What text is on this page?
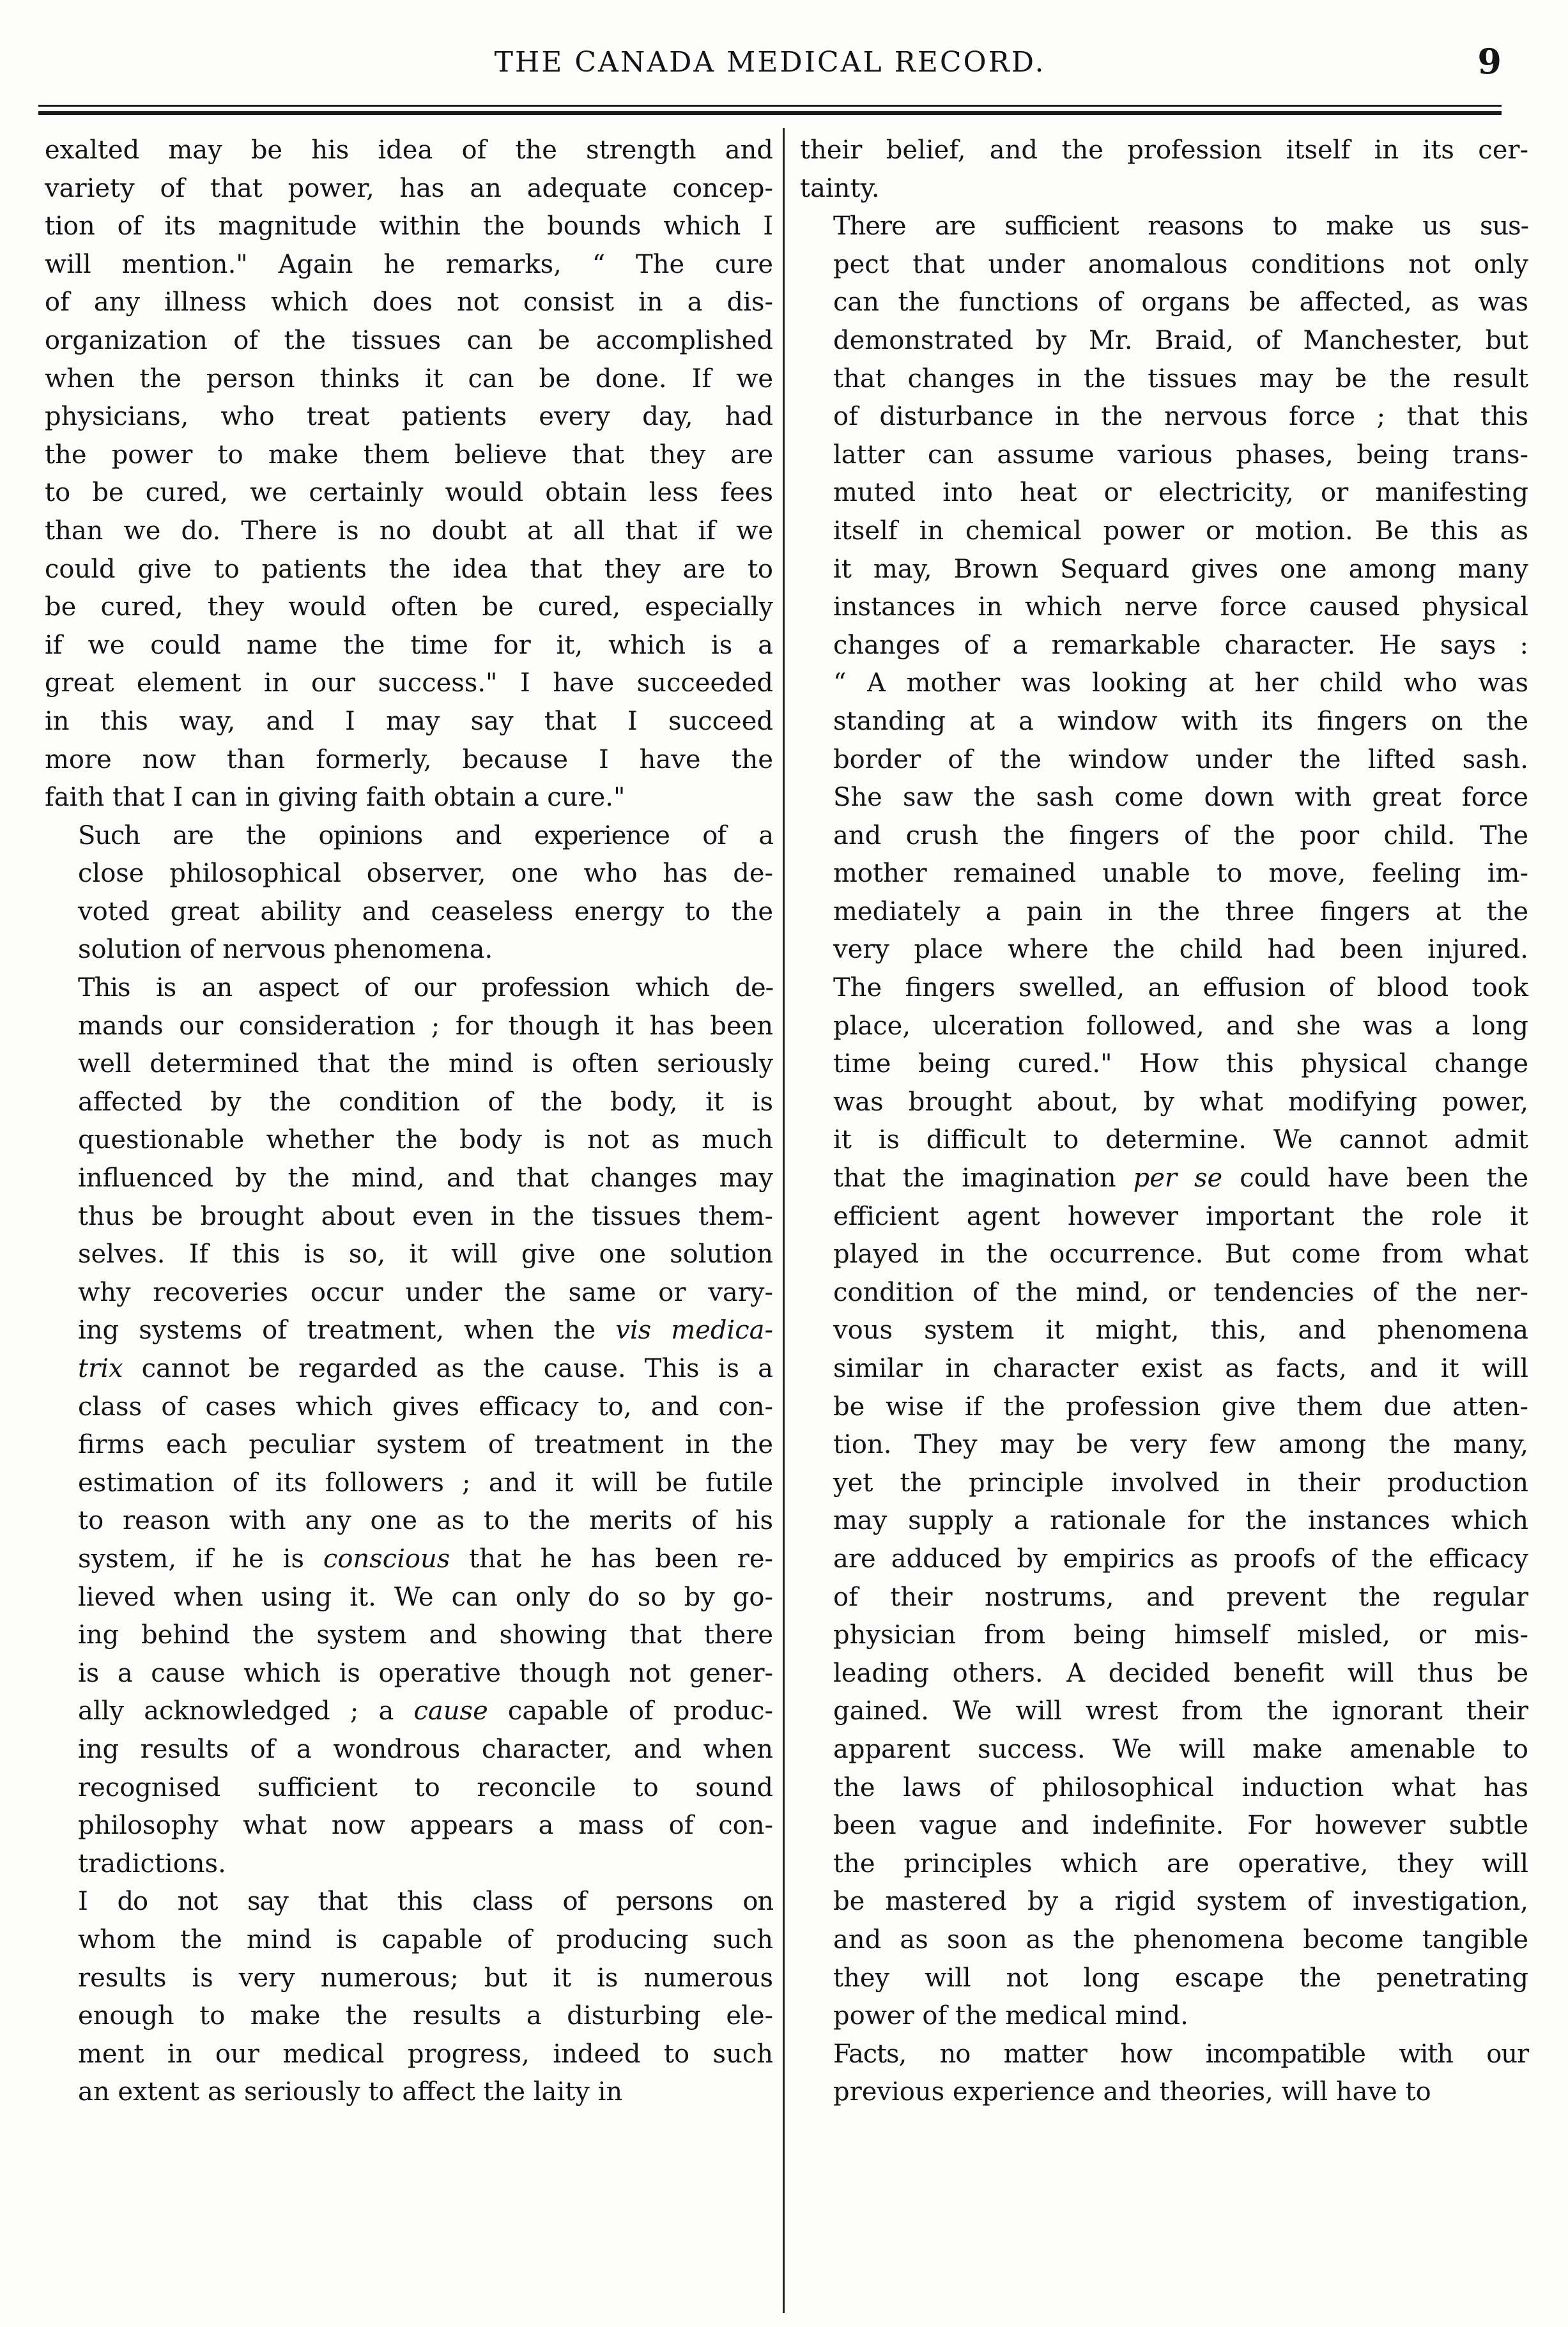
THE CANADA MEDICAL RECORD.	9

exalted may be his idea of the strength and
variety of that power, has an adequate concep-
tion of its magnitude within the bounds which I
will mention." Again he remarks, “ The cure
of any illness which does not consist in a dis-
organization of the tissues can be accomplished
when the person thinks it can be done. If we
physicians, who treat patients every day, had
the power to make them believe that they are
to be cured, we certainly would obtain less fees
than we do. There is no doubt at all that if we
could give to patients the idea that they are to
be cured, they would often be cured, especially
if we could name the time for it, which is a
great element in our success." I have succeeded
in this way, and I may say that I succeed
more now than formerly, because I have the
faith that I can in giving faith obtain a cure."

Such are the opinions and experience of a
close philosophical observer, one who has de-
voted great ability and ceaseless energy to the
solution of nervous phenomena.

This is an aspect of our profession which de-
mands our consideration ; for though it has been
well determined that the mind is often seriously
affected by the condition of the body, it is
questionable whether the body is not as much
influenced by the mind, and that changes may
thus be brought about even in the tissues them-
selves. If this is so, it will give one solution
why recoveries occur under the same or vary-
ing systems of treatment, when the vis medica-
trix cannot be regarded as the cause. This is a
class of cases which gives efficacy to, and con-
firms each peculiar system of treatment in the
estimation of its followers ; and it will be futile
to reason with any one as to the merits of his
system, if he is conscious that he has been re-
lieved when using it. We can only do so by go-
ing behind the system and showing that there
is a cause which is operative though not gener-
ally acknowledged ; a cause capable of produc-
ing results of a wondrous character, and when
recognised sufficient to reconcile to sound
philosophy what now appears a mass of con-
tradictions.

I do not say that this class of persons on
whom the mind is capable of producing such
results is very numerous; but it is numerous
enough to make the results a disturbing ele-
ment in our medical progress, indeed to such
an extent as seriously to affect the laity in

their belief, and the profession itself in its cer-
tainty.

There are sufficient reasons to make us sus-
pect that under anomalous conditions not only
can the functions of organs be affected, as was
demonstrated by Mr. Braid, of Manchester, but
that changes in the tissues may be the result
of disturbance in the nervous force ; that this
latter can assume various phases, being trans-
muted into heat or electricity, or manifesting
itself in chemical power or motion. Be this as
it may, Brown Sequard gives one among many
instances in which nerve force caused physical
changes of a remarkable character. He says :
“ A mother was looking at her child who was
standing at a window with its fingers on the
border of the window under the lifted sash.
She saw the sash come down with great force
and crush the fingers of the poor child. The
mother remained unable to move, feeling im-
mediately a pain in the three fingers at the
very place where the child had been injured.
The fingers swelled, an effusion of blood took
place, ulceration followed, and she was a long
time being cured." How this physical change
was brought about, by what modifying power,
it is difficult to determine. We cannot admit
that the imagination per se could have been the
efficient agent however important the role it
played in the occurrence. But come from what
condition of the mind, or tendencies of the ner-
vous system it might, this, and phenomena
similar in character exist as facts, and it will
be wise if the profession give them due atten-
tion. They may be very few among the many,
yet the principle involved in their production
may supply a rationale for the instances which
are adduced by empirics as proofs of the efficacy
of their nostrums, and prevent the regular
physician from being himself misled, or mis-
leading others. A decided benefit will thus be
gained. We will wrest from the ignorant their
apparent success. We will make amenable to
the laws of philosophical induction what has
been vague and indefinite. For however subtle
the principles which are operative, they will
be mastered by a rigid system of investigation,
and as soon as the phenomena become tangible
they will not long escape the penetrating
power of the medical mind.

Facts, no matter how incompatible with our
previous experience and theories, will have to
